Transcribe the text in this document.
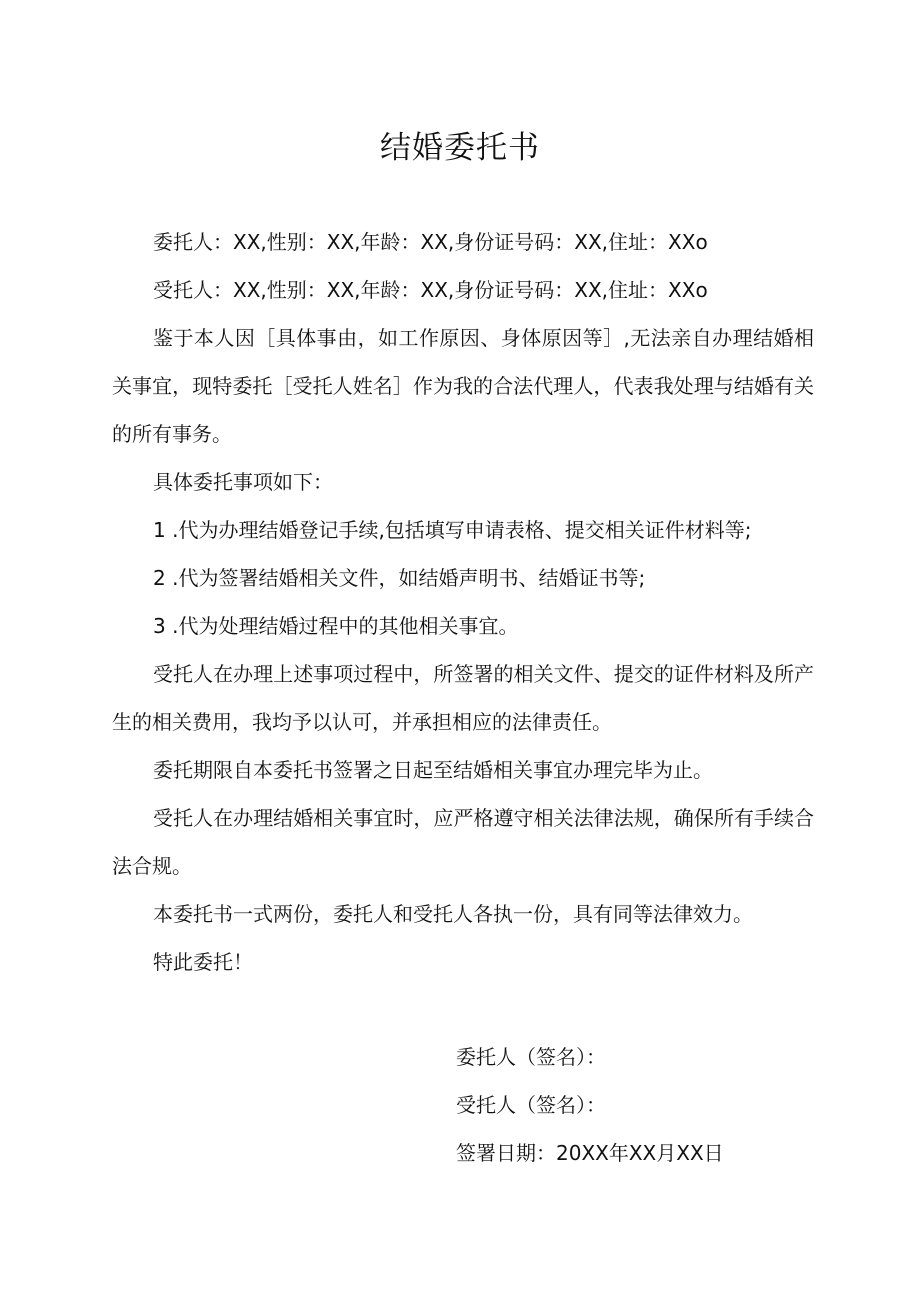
结婚委托书

委托人：XX,性别：XX,年龄：XX,身份证号码：XX,住址：XXo

受托人：XX,性别：XX,年龄：XX,身份证号码：XX,住址：XXo

鉴于本人因［具体事由，如工作原因、身体原因等］,无法亲自办理结婚相关事宜，现特委托［受托人姓名］作为我的合法代理人，代表我处理与结婚有关的所有事务。

具体委托事项如下：

1 .代为办理结婚登记手续,包括填写申请表格、提交相关证件材料等;

2 .代为签署结婚相关文件，如结婚声明书、结婚证书等;

3 .代为处理结婚过程中的其他相关事宜。

受托人在办理上述事项过程中，所签署的相关文件、提交的证件材料及所产生的相关费用，我均予以认可，并承担相应的法律责任。

委托期限自本委托书签署之日起至结婚相关事宜办理完毕为止。

受托人在办理结婚相关事宜时，应严格遵守相关法律法规，确保所有手续合法合规。

本委托书一式两份，委托人和受托人各执一份，具有同等法律效力。

特此委托！

委托人（签名）：

受托人（签名）：

签署日期：20XX年XX月XX日
